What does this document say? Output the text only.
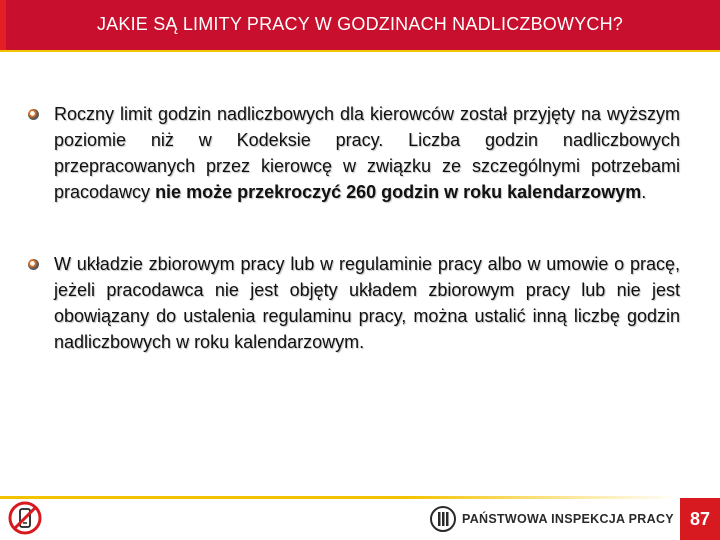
JAKIE SĄ LIMITY PRACY W GODZINACH NADLICZBOWYCH?

Roczny limit godzin nadliczbowych dla kierowców został przyjęty na wyższym poziomie niż w Kodeksie pracy. Liczba godzin nadliczbowych przepracowanych przez kierowcę w związku ze szczególnymi potrzebami pracodawcy nie może przekroczyć 260 godzin w roku kalendarzowym.

W układzie zbiorowym pracy lub w regulaminie pracy albo w umowie o pracę, jeżeli pracodawca nie jest objęty układem zbiorowym pracy lub nie jest obowiązany do ustalenia regulaminu pracy, można ustalić inną liczbę godzin nadliczbowych w roku kalendarzowym.

PAŃSTWOWA INSPEKCJA PRACY 87
